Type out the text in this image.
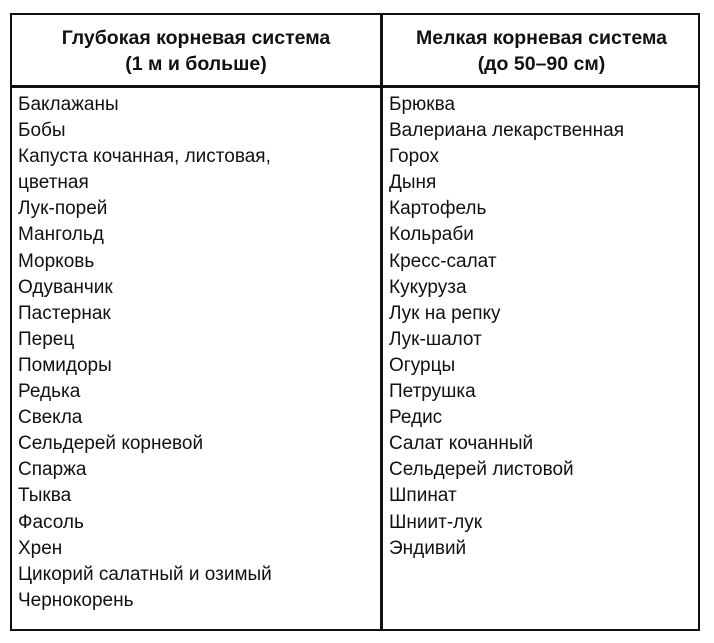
Глубокая корневая система
(1 м и больше)
Мелкая корневая система
(до 50–90 см)
Баклажаны
Бобы
Капуста кочанная, листовая,
цветная
Лук-порей
Мангольд
Морковь
Одуванчик
Пастернак
Перец
Помидоры
Редька
Свекла
Сельдерей корневой
Спаржа
Тыква
Фасоль
Хрен
Цикорий салатный и озимый
Чернокорень
Брюква
Валериана лекарственная
Горох
Дыня
Картофель
Кольраби
Кресс-салат
Кукуруза
Лук на репку
Лук-шалот
Огурцы
Петрушка
Редис
Салат кочанный
Сельдерей листовой
Шпинат
Шниит-лук
Эндивий
